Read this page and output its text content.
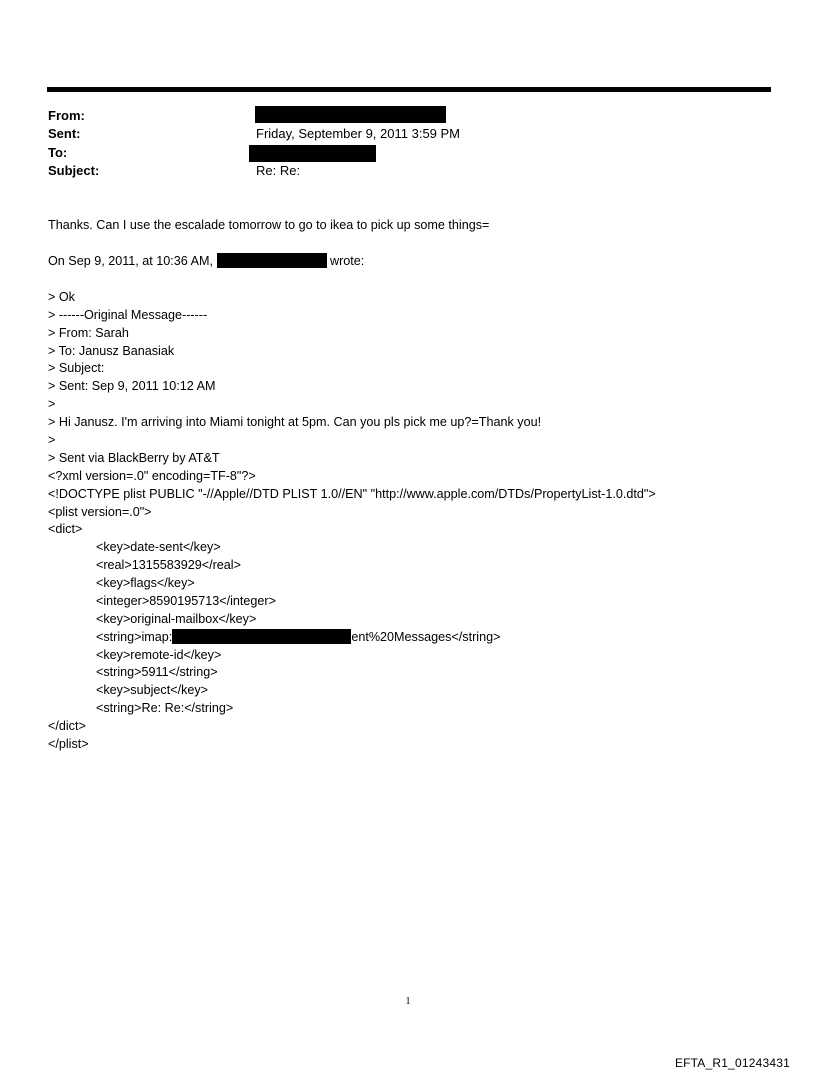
From:
Sent:	Friday, September 9, 2011 3:59 PM
To:
Subject:	Re: Re:
Thanks. Can I use the escalade tomorrow to go to ikea to pick up some things=
On Sep 9, 2011, at 10:36 AM,	wrote:
> Ok
> ------Original Message------
> From: Sarah
> To: Janusz Banasiak
> Subject:
> Sent: Sep 9, 2011 10:12 AM
>
> Hi Janusz. I'm arriving into Miami tonight at 5pm. Can you pls pick me up?=Thank you!
>
> Sent via BlackBerry by AT&T
<?xml version=.0" encoding=TF-8"?>
<!DOCTYPE plist PUBLIC "-//Apple//DTD PLIST 1.0//EN" "http://www.apple.com/DTDs/PropertyList-1.0.dtd">
<plist version=.0">
<dict>
<key>date-sent</key>
<real>1315583929</real>
<key>flags</key>
<integer>8590195713</integer>
<key>original-mailbox</key>
<string>imap:	ent%20Messages</string>
<key>remote-id</key>
<string>5911</string>
<key>subject</key>
<string>Re: Re:</string>
</dict>
</plist>
1
EFTA_R1_01243431
